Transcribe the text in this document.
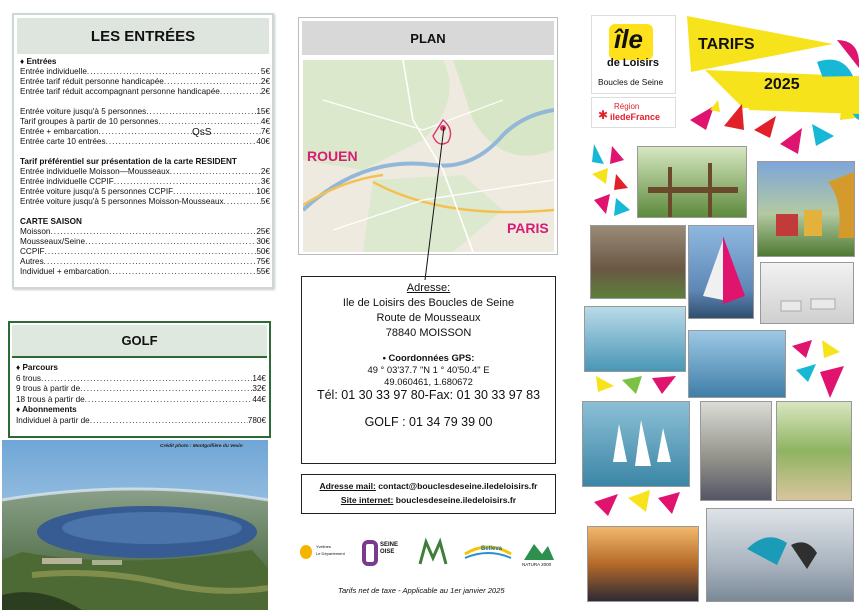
LES ENTRÉES
♦ Entrées
Entrée individuelle .....	5€
Entrée tarif réduit personne handicapée .....	2€
Entrée tarif réduit accompagnant personne handicapée .....	2€
Entrée voiture jusqu'à 5 personnes .....	15€
Tarif groupes à partir de 10 personnes .....	4€
Entrée + embarcation .....	7€
Entrée carte 10 entrées .....	40€
Tarif préférentiel sur présentation de la carte RESIDENT
Entrée individuelle Moisson—Mousseaux .....	2€
Entrée individuelle CCPIF .....	3€
Entrée voiture jusqu'à 5 personnes CCPIF .....	10€
Entrée voiture jusqu'à 5 personnes Moisson-Mousseaux .....	5€
CARTE SAISON
Moisson .....	25€
Mousseaux/Seine .....	30€
CCPIF .....	50€
Autres .....	75€
Individuel + embarcation .....	55€
QsS
GOLF
♦ Parcours
6 trous .....	14€
9 trous à partir de .....	32€
18 trous à partir de .....	44€
♦ Abonnements
Individuel à partir de .....	780€
Crédit photo : Montgolfière du Vexin
PLAN
ROUEN
PARIS
Adresse:
Ile de Loisirs des Boucles de Seine
Route de Mousseaux
78840 MOISSON
• Coordonnées GPS:
49 ° 03'37.7 "N 1 ° 40'50.4" E
49.060461, 1.680672
Tél: 01 30 33 97 80-Fax: 01 30 33 97 83
GOLF : 01 34 79 39 00
Adresse mail: contact@bouclesdeseine.iledeloisirs.fr
Site internet: bouclesdeseine.iledeloisirs.fr
Yvelines
Le Département
SEINE OISE	Belleva
NATURA 2000
Tarifs net de taxe - Applicable au 1er janvier 2025
île
de Loisirs
Boucles de Seine
✱
Région
iledeFrance
TARIFS
2025
